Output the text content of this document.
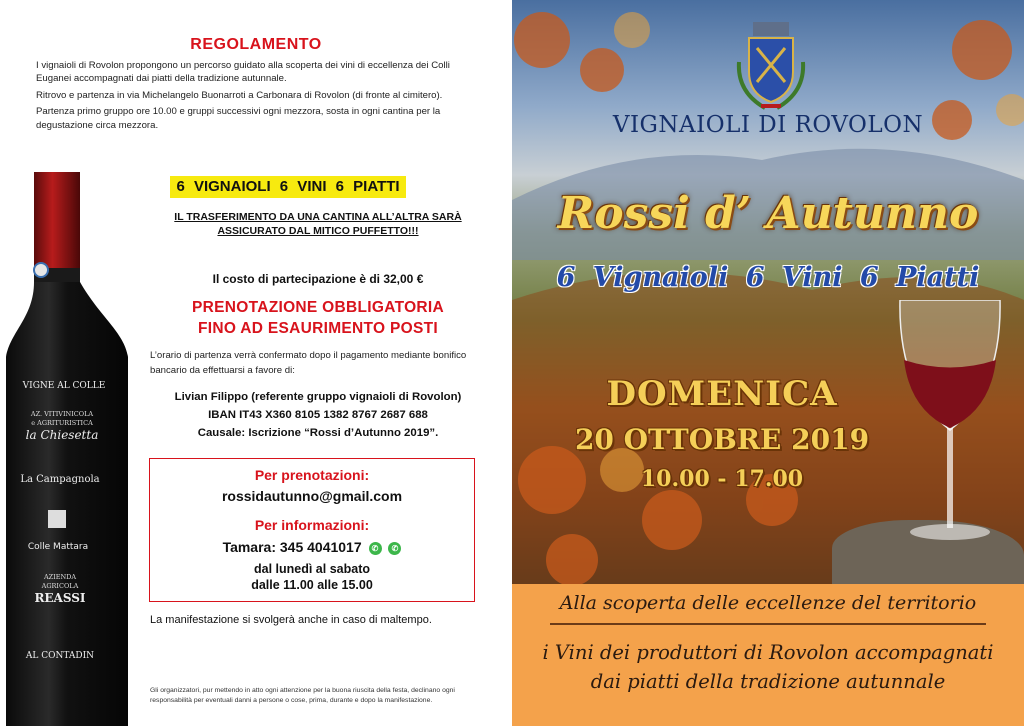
REGOLAMENTO

I vignaioli di Rovolon propongono un percorso guidato alla scoperta dei vini di eccellenza dei Colli Euganei accompagnati dai piatti della tradizione autunnale.

Ritrovo e partenza in via Michelangelo Buonarroti a Carbonara di Rovolon (di fronte al cimitero).

Partenza primo gruppo ore 10.00 e gruppi successivi ogni mezzora, sosta in ogni cantina per la degustazione circa mezzora.

6 VIGNAIOLI 6 VINI 6 PIATTI
IL TRASFERIMENTO DA UNA CANTINA ALL’ALTRA SARÀ ASSICURATO DAL MITICO PUFFETTO!!!
Il costo di partecipazione è di 32,00 €
PRENOTAZIONE OBBLIGATORIA
FINO AD ESAURIMENTO POSTI
L’orario di partenza verrà confermato dopo il pagamento mediante bonifico bancario da effettuarsi a favore di:
Livian Filippo (referente gruppo vignaioli di Rovolon)
IBAN IT43 X360 8105 1382 8767 2687 688
Causale: Iscrizione “Rossi d’Autunno 2019”.
Per prenotazioni:
rossidautunno@gmail.com
Per informazioni:
Tamara: 345 4041017 ✆ ✆
dal lunedì al sabato
dalle 11.00 alle 15.00
La manifestazione si svolgerà anche in caso di maltempo.
Gli organizzatori, pur mettendo in atto ogni attenzione per la buona riuscita della festa, declinano ogni responsabilità per eventuali danni a persone o cose, prima, durante e dopo la manifestazione.
VIGNE AL COLLE
AZ. VITIVINICOLA
e AGRITURISTICA
la Chiesetta
La Campagnola
Colle Mattara
AZIENDA
AGRICOLA
REASSI
AL CONTADIN
VIGNAIOLI DI ROVOLON
Rossi d’ Autunno
6 Vignaioli 6 Vini 6 Piatti
DOMENICA
20 OTTOBRE 2019
10.00 - 17.00
Alla scoperta delle eccellenze del territorio
i Vini dei produttori di Rovolon accompagnati
dai piatti della tradizione autunnale
